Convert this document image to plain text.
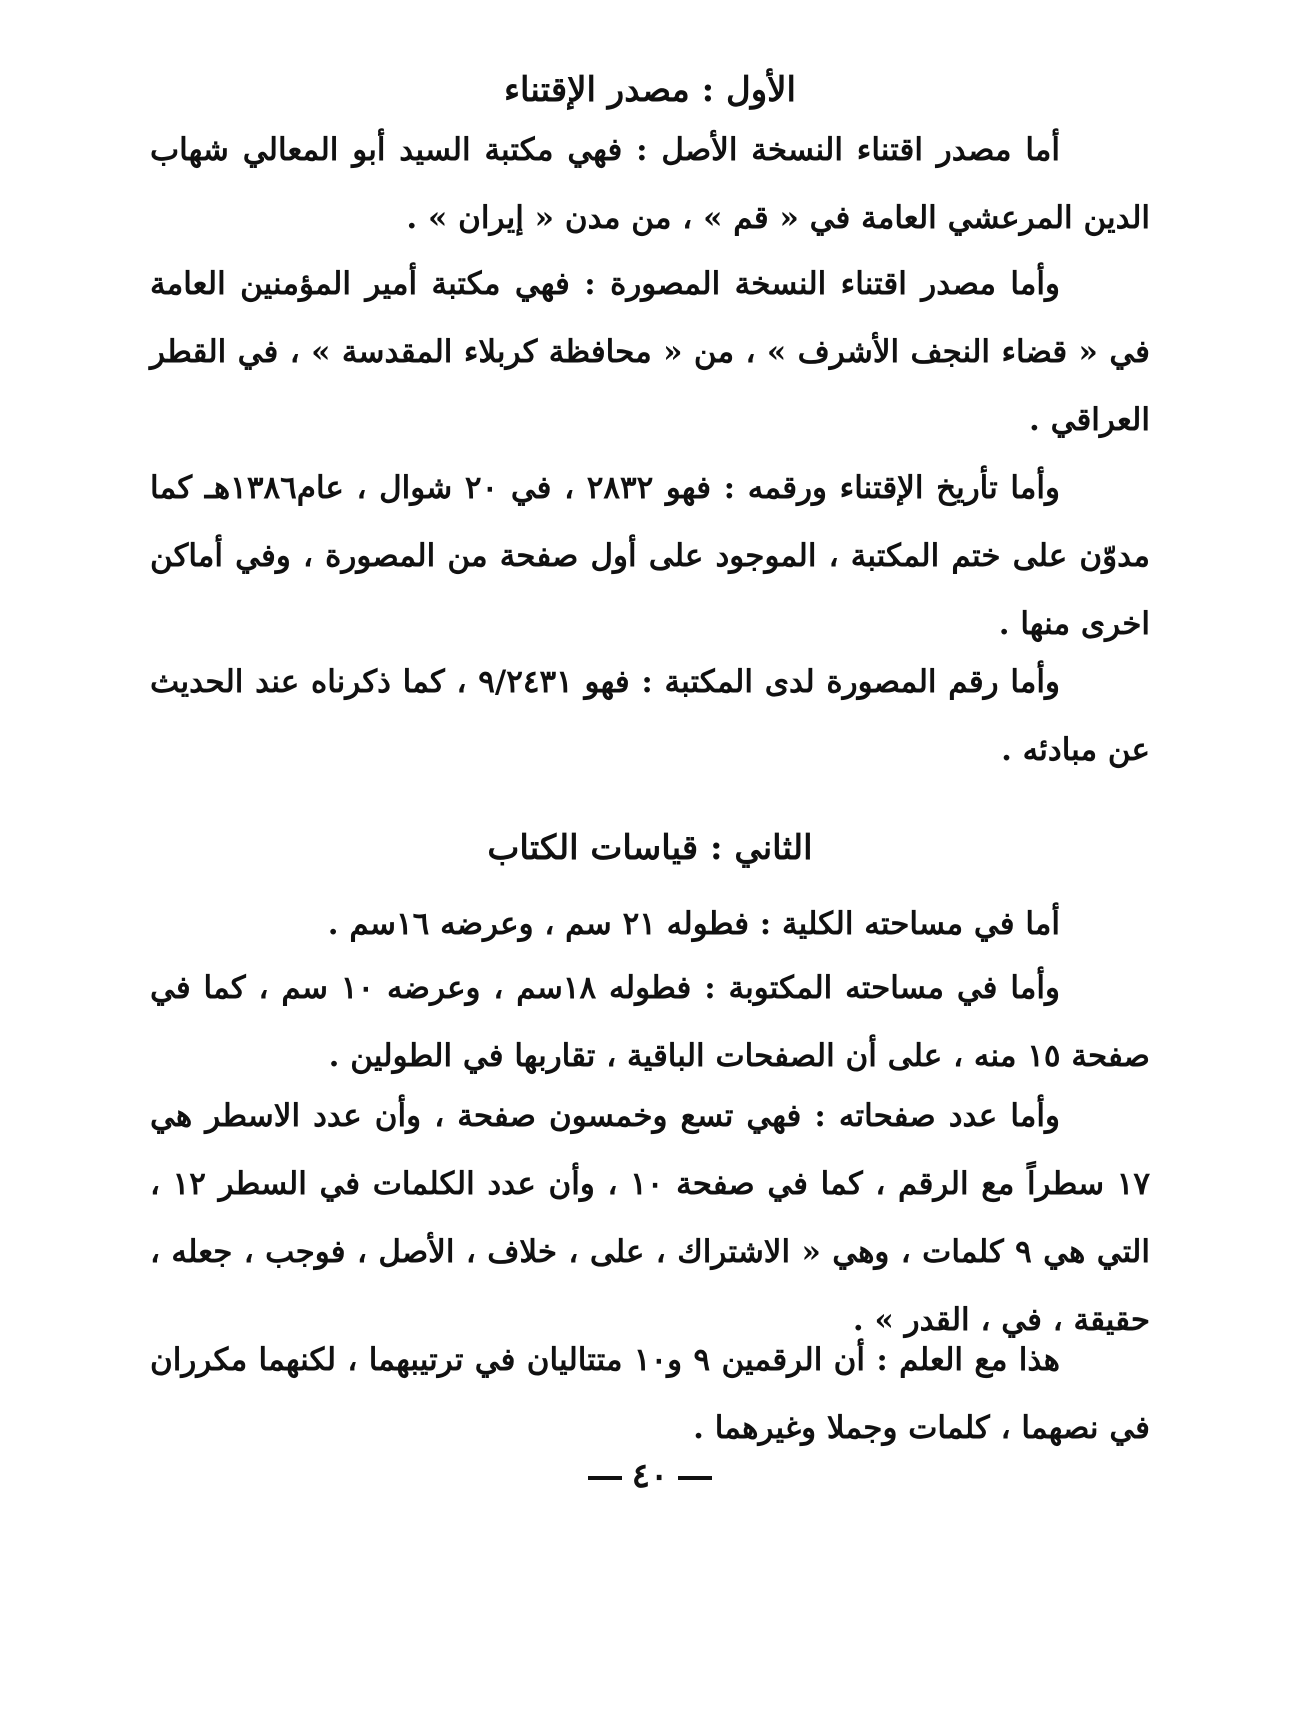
الأول : مصدر الإقتناء

أما مصدر اقتناء النسخة الأصل : فهي مكتبة السيد أبو المعالي شهاب الدين المرعشي العامة في « قم » ، من مدن « إيران » .

وأما مصدر اقتناء النسخة المصورة : فهي مكتبة أمير المؤمنين العامة في « قضاء النجف الأشرف » ، من « محافظة كربلاء المقدسة » ، في القطر العراقي .

وأما تأريخ الإقتناء ورقمه : فهو ٢٨٣٢ ، في ٢٠ شوال ، عام١٣٨٦هـ كما مدوّن على ختم المكتبة ، الموجود على أول صفحة من المصورة ، وفي أماكن اخرى منها .

وأما رقم المصورة لدى المكتبة : فهو ٩/٢٤٣١ ، كما ذكرناه عند الحديث عن مبادئه .

الثاني : قياسات الكتاب

أما في مساحته الكلية : فطوله ٢١ سم ، وعرضه ١٦سم .

وأما في مساحته المكتوبة : فطوله ١٨سم ، وعرضه ١٠ سم ، كما في صفحة ١٥ منه ، على أن الصفحات الباقية ، تقاربها في الطولين .

وأما عدد صفحاته : فهي تسع وخمسون صفحة ، وأن عدد الاسطر هي ١٧ سطراً مع الرقم ، كما في صفحة ١٠ ، وأن عدد الكلمات في السطر ١٢ ، التي هي ٩ كلمات ، وهي « الاشتراك ، على ، خلاف ، الأصل ، فوجب ، جعله ، حقيقة ، في ، القدر » .

هذا مع العلم : أن الرقمين ٩ و١٠ متتاليان في ترتيبهما ، لكنهما مكرران في نصهما ، كلمات وجملا وغيرهما .

٤٠
